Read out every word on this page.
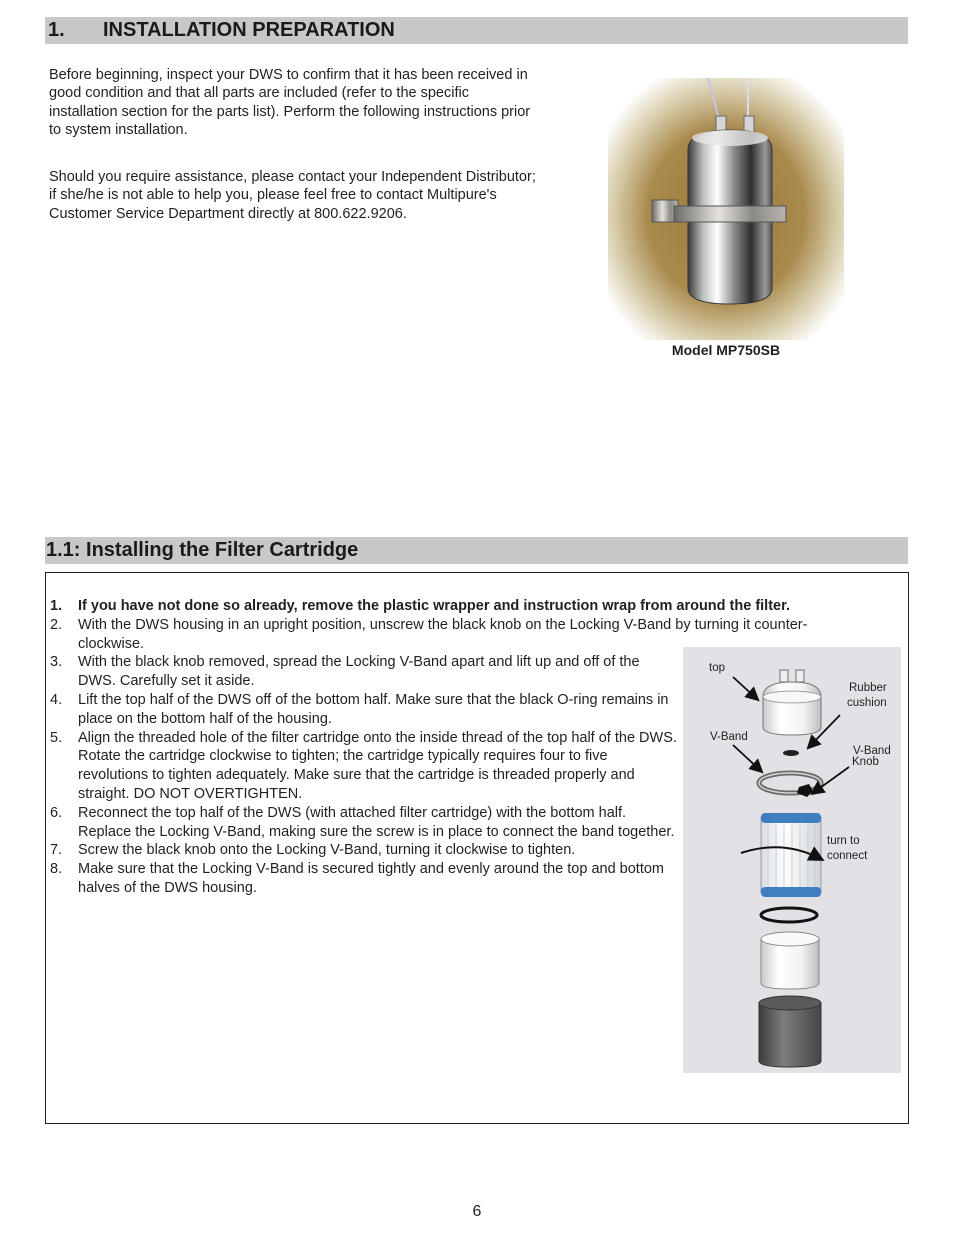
1. INSTALLATION PREPARATION

Before beginning, inspect your DWS to confirm that it has been received in good condition and that all parts are included (refer to the specific installation section for the parts list). Perform the following instructions prior to system installation.

Should you require assistance, please contact your Independent Distributor; if she/he is not able to help you, please feel free to contact Multipure's Customer Service Department directly at 800.622.9206.

Model MP750SB
1.1: Installing the Filter Cartridge
1. If you have not done so already, remove the plastic wrapper and instruction wrap from around the filter.
2. With the DWS housing in an upright position, unscrew the black knob on the Locking V-Band by turning it counter- clockwise.
3. With the black knob removed, spread the Locking V-Band apart and lift up and off of the DWS. Carefully set it aside.
4. Lift the top half of the DWS off of the bottom half. Make sure that the black O-ring remains in place on the bottom half of the housing.
5. Align the threaded hole of the filter cartridge onto the inside thread of the top half of the DWS. Rotate the cartridge clockwise to tighten; the cartridge typically requires four to five revolutions to tighten adequately. Make sure that the cartridge is threaded properly and straight. DO NOT OVERTIGHTEN.
6. Reconnect the top half of the DWS (with attached filter cartridge) with the bottom half. Replace the Locking V-Band, making sure the screw is in place to connect the band together.
7. Screw the black knob onto the Locking V-Band, turning it clockwise to tighten.
8. Make sure that the Locking V-Band is secured tightly and evenly around the top and bottom halves of the DWS housing.
top
Rubber
cushion
V-Band
V-Band
Knob
turn to
connect
6
